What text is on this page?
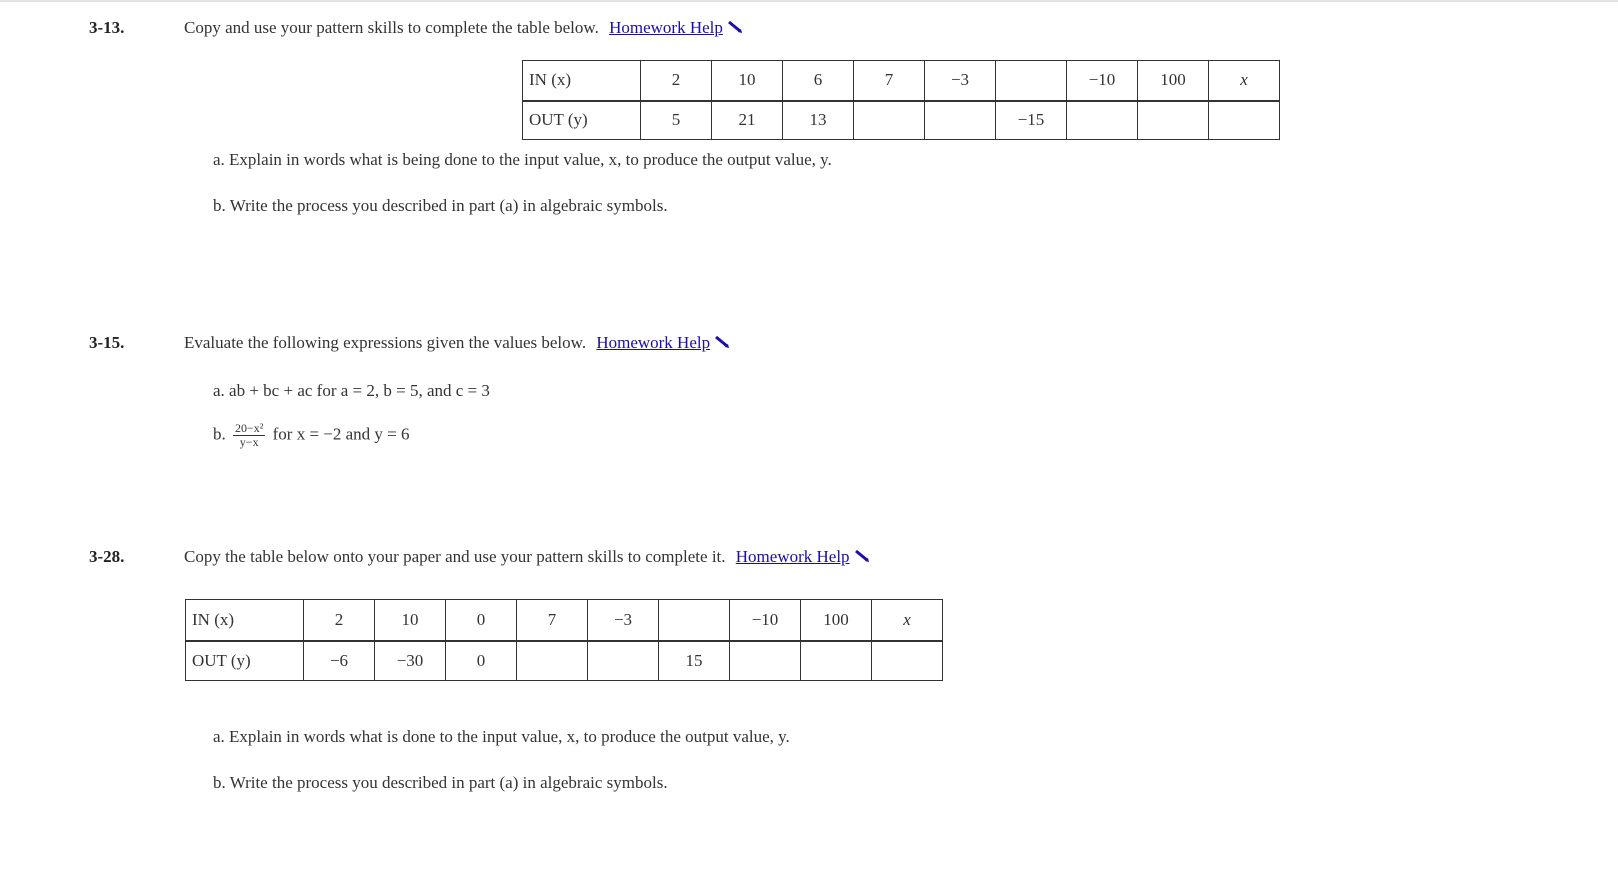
3-13.	Copy and use your pattern skills to complete the table below. Homework Help
IN (x)	2	10	6	7	−3		−10	100	x
OUT (y)	5	21	13			−15			
a. Explain in words what is being done to the input value, x, to produce the output value, y.
b. Write the process you described in part (a) in algebraic symbols.
3-15.	Evaluate the following expressions given the values below. Homework Help
a. ab + bc + ac for a = 2, b = 5, and c = 3
b. $\frac{\text{20−x²}}{y-x}$ for x = −2 and y = 6
3-28.	Copy the table below onto your paper and use your pattern skills to complete it. Homework Help
IN (x)	2	10	0	7	−3		−10	100	x
OUT (y)	−6	−30	0			15			
a. Explain in words what is done to the input value, x, to produce the output value, y.
b. Write the process you described in part (a) in algebraic symbols.
